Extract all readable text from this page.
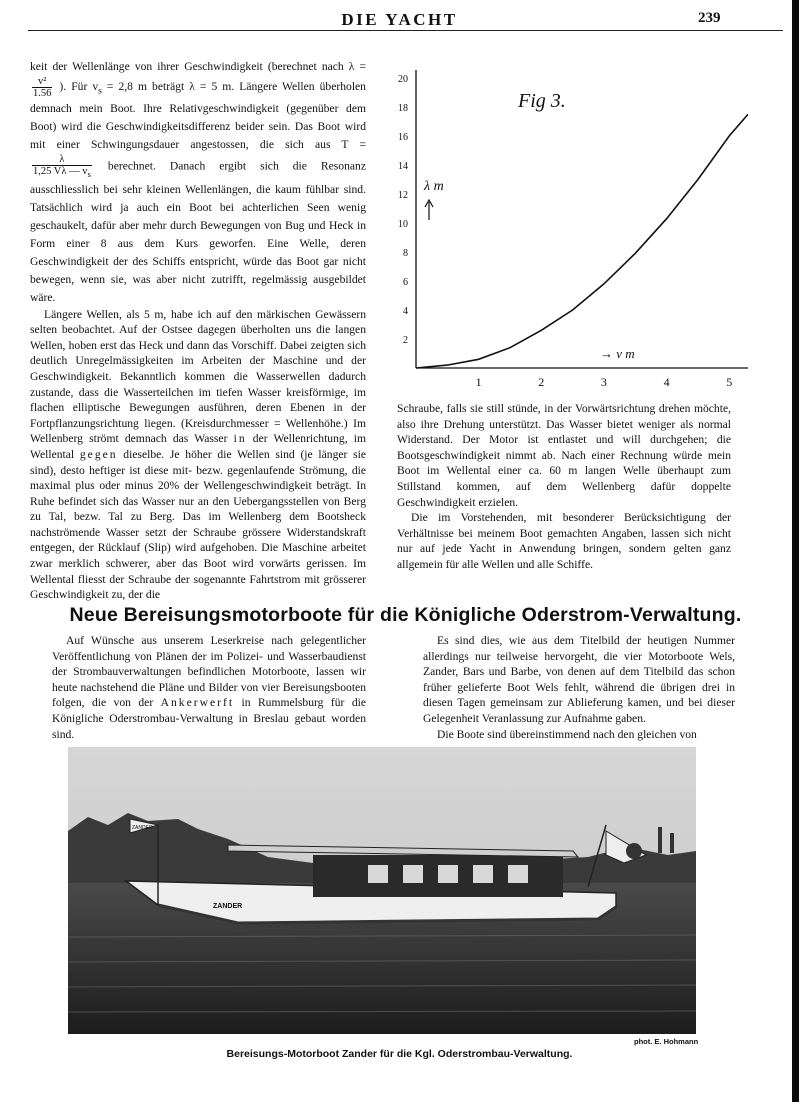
DIE YACHT	239

keit der Wellenlänge von ihrer Geschwindigkeit (berechnet nach λ =
$\frac{\text{v²}}{1.56}$ ). Für $v_s = 2,8$ m beträgt λ = 5 m. Längere Wellen überholen demnach mein Boot. Ihre Relativgeschwindigkeit (gegenüber dem Boot) wird die Geschwindigkeitsdifferenz beider sein. Das Boot wird mit einer Schwingungsdauer angestossen, die sich aus T =
$\frac{\lambda}{1,25 V̄\lambda — v_s}$ berechnet. Danach ergibt sich die Resonanz ausschliesslich bei sehr kleinen Wellenlängen, die kaum fühlbar sind. Tatsächlich wird ja auch ein Boot bei achterlichen Seen wenig geschaukelt, dafür aber mehr durch Bewegungen von Bug und Heck in Form einer 8 aus dem Kurs geworfen. Eine Welle, deren Geschwindigkeit der des Schiffs entspricht, würde das Boot gar nicht bewegen, wenn sie, was aber nicht zutrifft, regelmässig ausgebildet wäre.

Längere Wellen, als 5 m, habe ich auf den märkischen Gewässern selten beobachtet. Auf der Ostsee dagegen überholten uns die langen Wellen, hoben erst das Heck und dann das Vorschiff. Dabei zeigten sich deutlich Unregelmässigkeiten im Arbeiten der Maschine und der Geschwindigkeit. Bekanntlich kommen die Wasserwellen dadurch zustande, dass die Wasserteilchen im tiefen Wasser kreisförmige, im flachen elliptische Bewegungen ausführen, deren Ebenen in der Fortpflanzungsrichtung liegen. (Kreisdurchmesser = Wellenhöhe.) Im Wellenberg strömt demnach das Wasser in der Wellenrichtung, im Wellental gegen dieselbe. Je höher die Wellen sind (je länger sie sind), desto heftiger ist diese mit- bezw. gegenlaufende Strömung, die maximal plus oder minus 20% der Wellengeschwindigkeit beträgt. In Ruhe befindet sich das Wasser nur an den Uebergangsstellen von Berg zu Tal, bezw. Tal zu Berg. Das im Wellenberg dem Bootsheck nachströmende Wasser setzt der Schraube grössere Widerstandskraft entgegen, der Rücklauf (Slip) wird aufgehoben. Die Maschine arbeitet zwar merklich schwerer, aber das Boot wird vorwärts gerissen. Im Wellental fliesst der Schraube der sogenannte Fahrtstrom mit grösserer Geschwindigkeit zu, der die

1	2	3	4	5
2
4
6
8
10
12
14
16
18
20
Fig 3.
λ m
→ v m

Schraube, falls sie still stünde, in der Vorwärtsrichtung drehen möchte, also ihre Drehung unterstützt. Das Wasser bietet weniger als normal Widerstand. Der Motor ist entlastet und will durchgehen; die Bootsgeschwindigkeit nimmt ab. Nach einer Rechnung würde mein Boot im Wellental einer ca. 60 m langen Welle überhaupt zum Stillstand kommen, auf dem Wellenberg dafür doppelte Geschwindigkeit erzielen.

Die im Vorstehenden, mit besonderer Berücksichtigung der Verhältnisse bei meinem Boot gemachten Angaben, lassen sich nicht nur auf jede Yacht in Anwendung bringen, sondern gelten ganz allgemein für alle Wellen und alle Schiffe.

Neue Bereisungsmotorboote für die Königliche Oderstrom-Verwaltung.

Auf Wünsche aus unserem Leserkreise nach gelegentlicher Veröffentlichung von Plänen der im Polizei- und Wasserbaudienst der Strombauverwaltungen befindlichen Motorboote, lassen wir heute nachstehend die Pläne und Bilder von vier Bereisungsbooten folgen, die von der Ankerwerft in Rummelsburg für die Königliche Oderstrombau-Verwaltung in Breslau gebaut worden sind.

Es sind dies, wie aus dem Titelbild der heutigen Nummer allerdings nur teilweise hervorgeht, die vier Motorboote Wels, Zander, Bars und Barbe, von denen auf dem Titelbild das schon früher gelieferte Boot Wels fehlt, während die übrigen drei in diesen Tagen gemeinsam zur Ablieferung kamen, und bei dieser Gelegenheit Veranlassung zur Aufnahme gaben.

Die Boote sind übereinstimmend nach den gleichen von

ZANDER
ZANDER
phot. E. Hohmann
Bereisungs-Motorboot Zander für die Kgl. Oderstrombau-Verwaltung.
